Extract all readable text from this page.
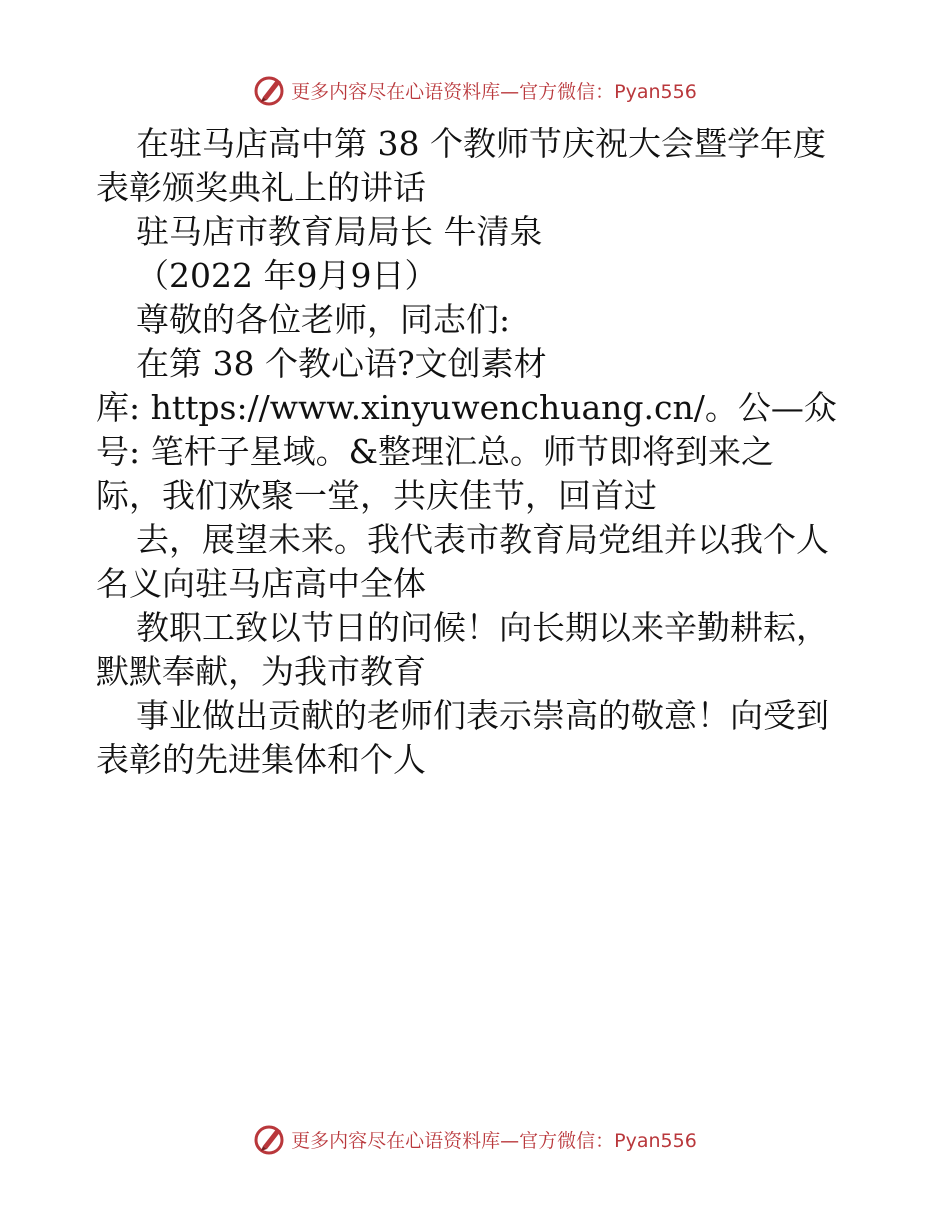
更多内容尽在心语资料库—官方微信：Pyan556
在驻马店高中第 38 个教师节庆祝大会暨学年度
表彰颁奖典礼上的讲话
驻马店市教育局局长 牛清泉
（2022 年9月9日）
尊敬的各位老师，同志们:
在第 38 个教心语?文创素材
库: https://www.xinyuwenchuang.cn/。公—众
号: 笔杆子星域。&整理汇总。师节即将到来之
际，我们欢聚一堂，共庆佳节，回首过
去，展望未来。我代表市教育局党组并以我个人
名义向驻马店高中全体
教职工致以节日的问候！向长期以来辛勤耕耘，
默默奉献，为我市教育
事业做出贡献的老师们表示崇高的敬意！向受到
表彰的先进集体和个人
更多内容尽在心语资料库—官方微信：Pyan556
